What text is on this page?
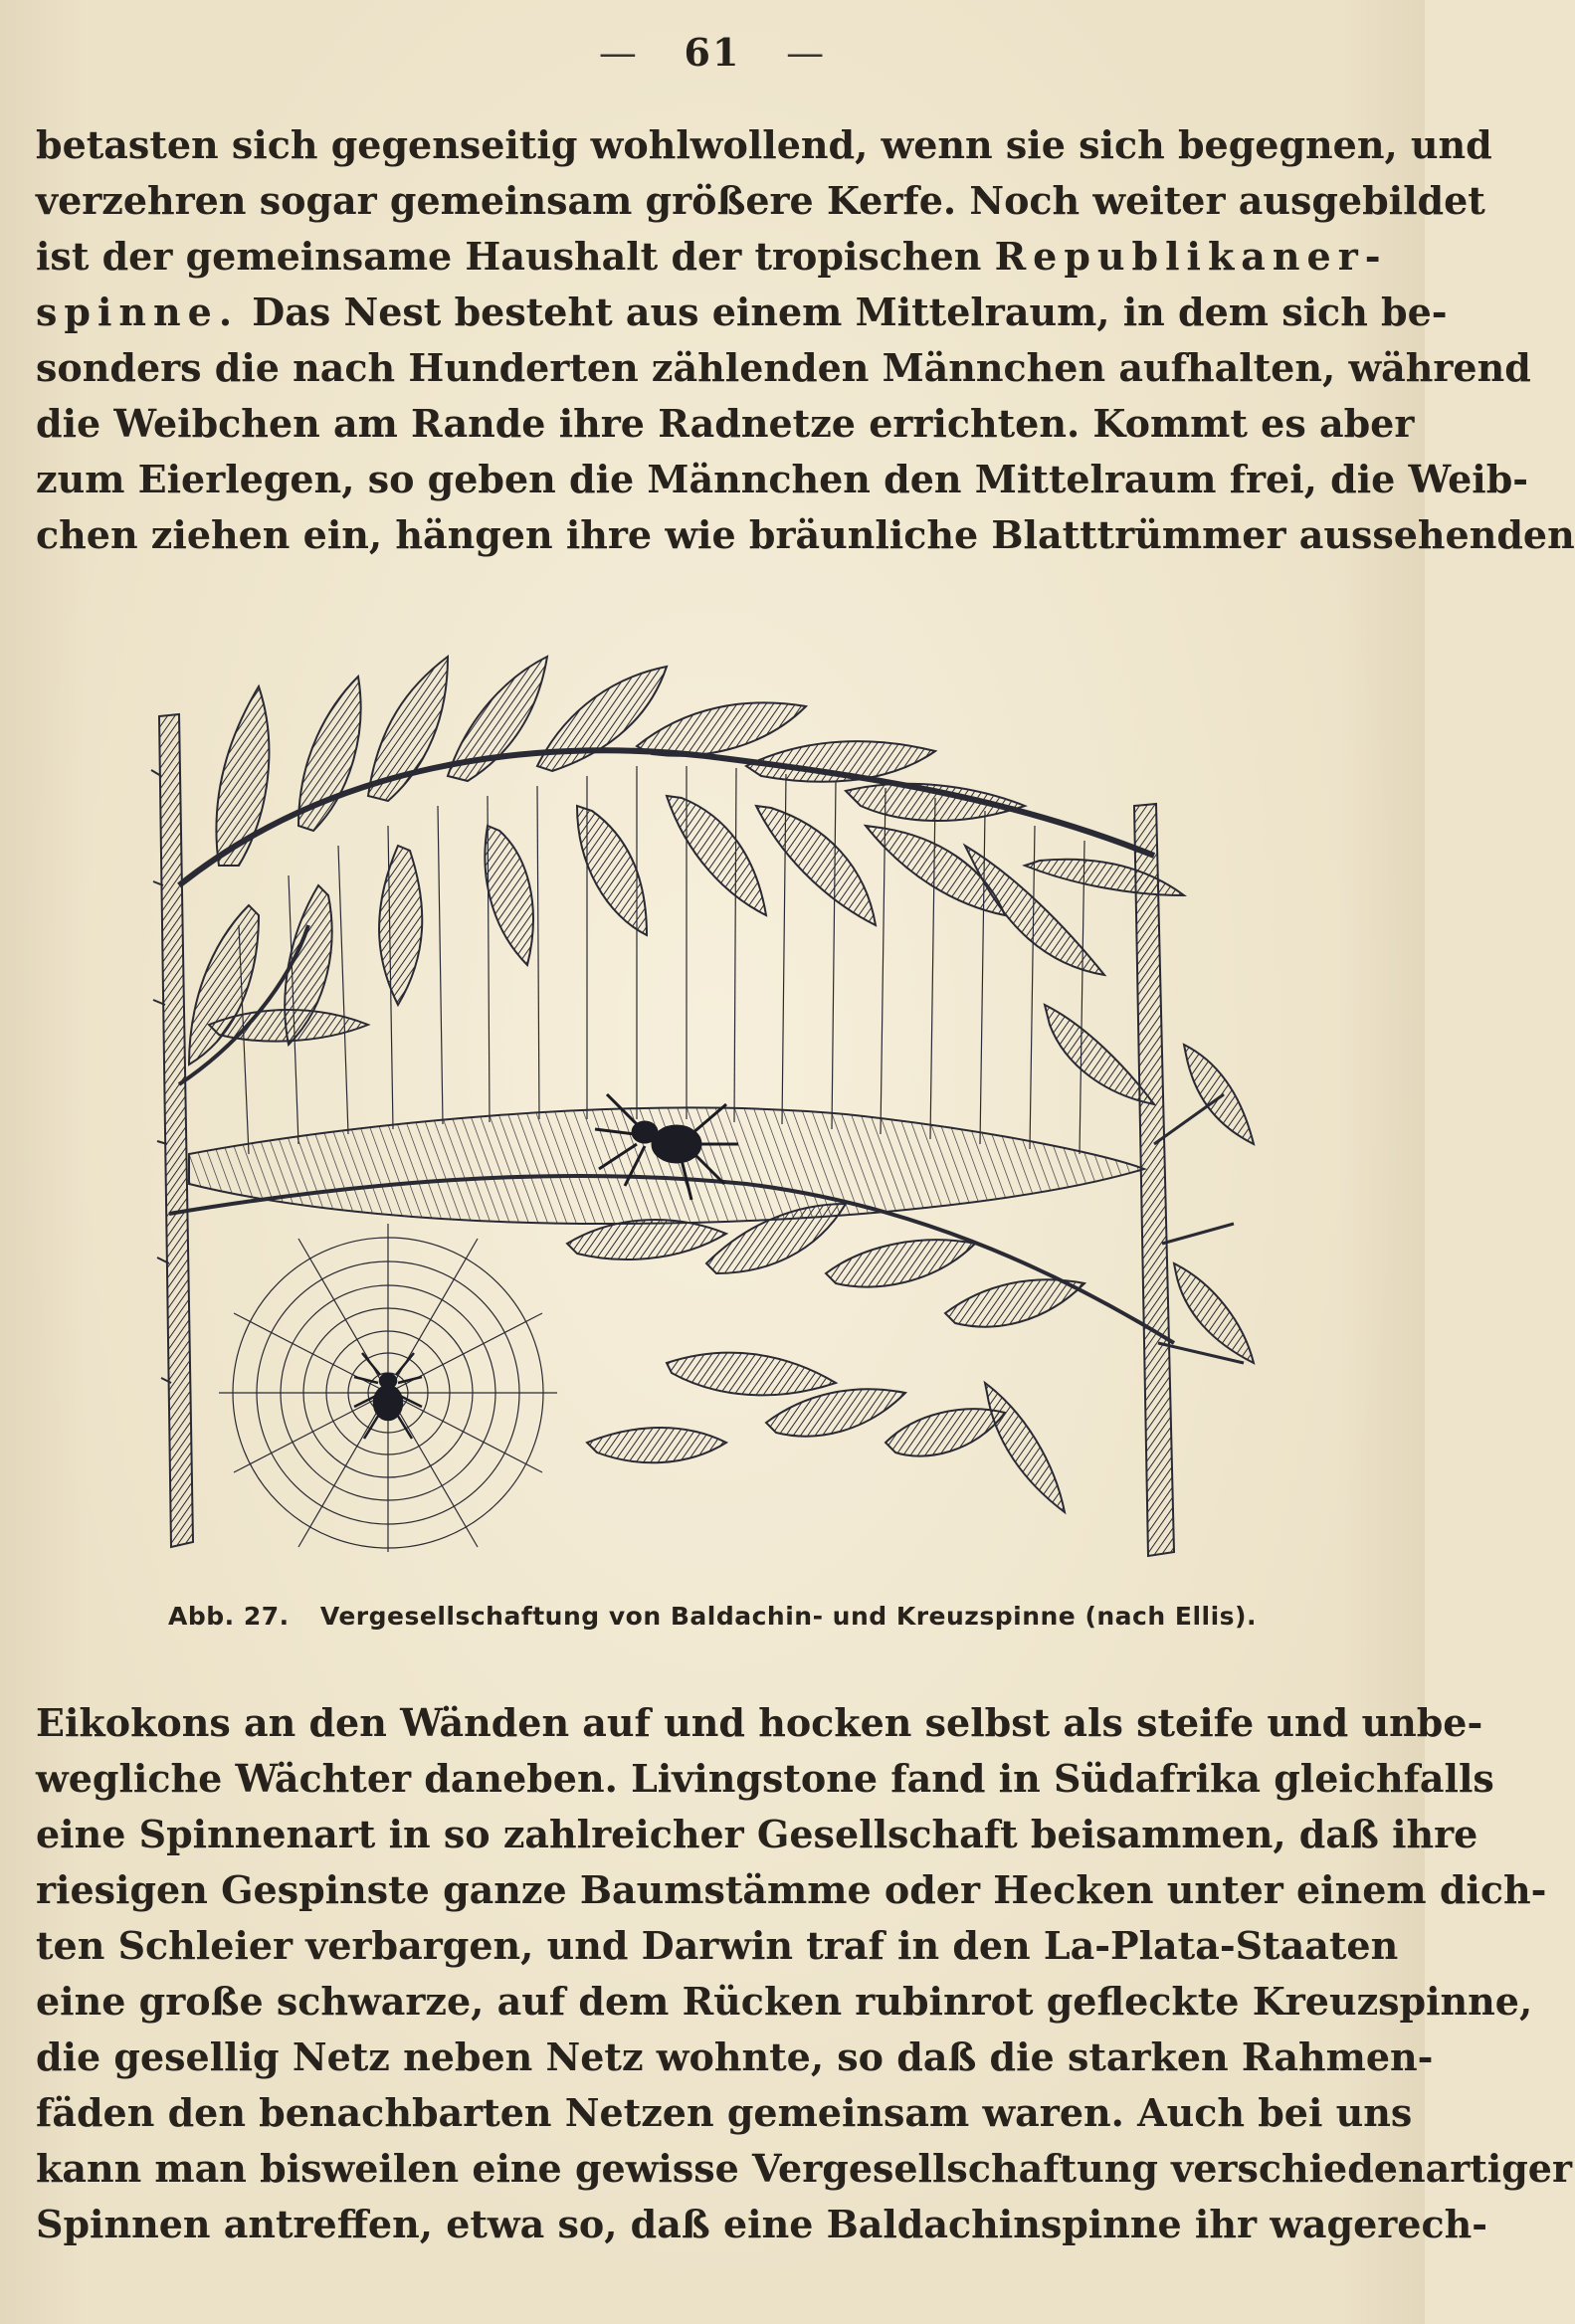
— 61 —
betasten sich gegenseitig wohlwollend, wenn sie sich begegnen, und
verzehren sogar gemeinsam größere Kerfe. Noch weiter ausgebildet
ist der gemeinsame Haushalt der tropischen Republikaner-
spinne. Das Nest besteht aus einem Mittelraum, in dem sich be-
sonders die nach Hunderten zählenden Männchen aufhalten, während
die Weibchen am Rande ihre Radnetze errichten. Kommt es aber
zum Eierlegen, so geben die Männchen den Mittelraum frei, die Weib-
chen ziehen ein, hängen ihre wie bräunliche Blatttrümmer aussehenden
Abb. 27. Vergesellschaftung von Baldachin- und Kreuzspinne (nach Ellis).
Eikokons an den Wänden auf und hocken selbst als steife und unbe-
wegliche Wächter daneben. Livingstone fand in Südafrika gleichfalls
eine Spinnenart in so zahlreicher Gesellschaft beisammen, daß ihre
riesigen Gespinste ganze Baumstämme oder Hecken unter einem dich-
ten Schleier verbargen, und Darwin traf in den La-Plata-Staaten
eine große schwarze, auf dem Rücken rubinrot gefleckte Kreuzspinne,
die gesellig Netz neben Netz wohnte, so daß die starken Rahmen-
fäden den benachbarten Netzen gemeinsam waren. Auch bei uns
kann man bisweilen eine gewisse Vergesellschaftung verschiedenartiger
Spinnen antreffen, etwa so, daß eine Baldachinspinne ihr wagerech-
